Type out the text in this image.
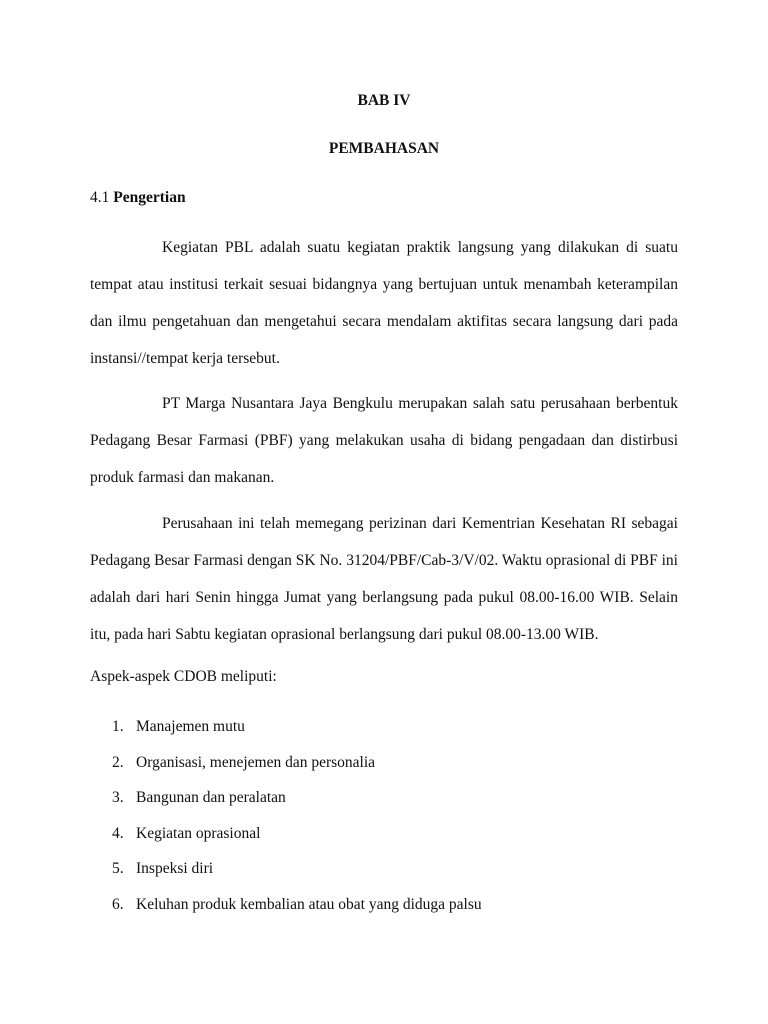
BAB IV
PEMBAHASAN
4.1 Pengertian

Kegiatan PBL adalah suatu kegiatan praktik langsung yang dilakukan di suatu tempat atau institusi terkait sesuai bidangnya yang bertujuan untuk menambah keterampilan dan ilmu pengetahuan dan mengetahui secara mendalam aktifitas secara langsung dari pada instansi//tempat kerja tersebut.

PT Marga Nusantara Jaya Bengkulu merupakan salah satu perusahaan berbentuk Pedagang Besar Farmasi (PBF) yang melakukan usaha di bidang pengadaan dan distirbusi produk farmasi dan makanan.

Perusahaan ini telah memegang perizinan dari Kementrian Kesehatan RI sebagai Pedagang Besar Farmasi dengan SK No. 31204/PBF/Cab-3/V/02. Waktu oprasional di PBF ini adalah dari hari Senin hingga Jumat yang berlangsung pada pukul 08.00-16.00 WIB. Selain itu, pada hari Sabtu kegiatan oprasional berlangsung dari pukul 08.00-13.00 WIB.

Aspek-aspek CDOB meliputi:
1. Manajemen mutu
2. Organisasi, menejemen dan personalia
3. Bangunan dan peralatan
4. Kegiatan oprasional
5. Inspeksi diri
6. Keluhan produk kembalian atau obat yang diduga palsu
